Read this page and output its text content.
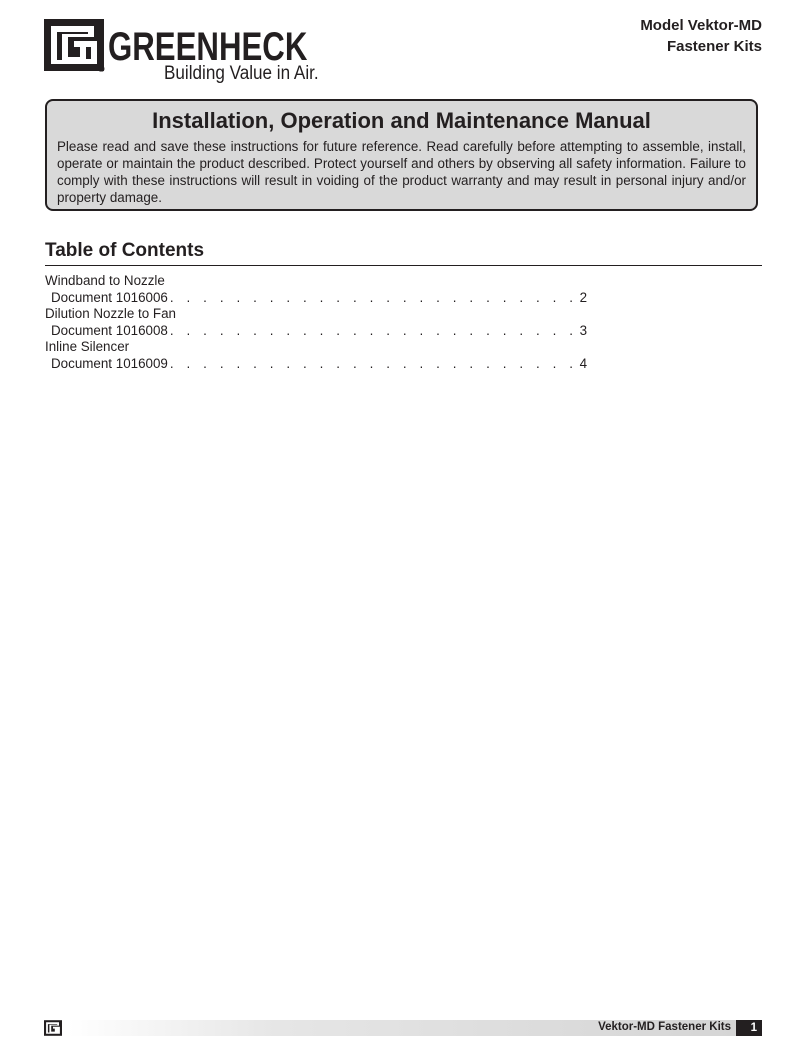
® GREENHECK
Building Value in Air.
Model Vektor-MD
Fastener Kits
Installation, Operation and Maintenance Manual

Please read and save these instructions for future reference. Read carefully before attempting to assemble, install, operate or maintain the product described. Protect yourself and others by observing all safety information. Failure to comply with these instructions will result in voiding of the product warranty and may result in personal injury and/or property damage.

Table of Contents
Windband to Nozzle
Document 1016006 . . . . . . . . . . . . . . . . . . . . . . . . . 2
Dilution Nozzle to Fan
Document 1016008 . . . . . . . . . . . . . . . . . . . . . . . . . 3
Inline Silencer
Document 1016009 . . . . . . . . . . . . . . . . . . . . . . . . . 4
Vektor-MD Fastener Kits	1
